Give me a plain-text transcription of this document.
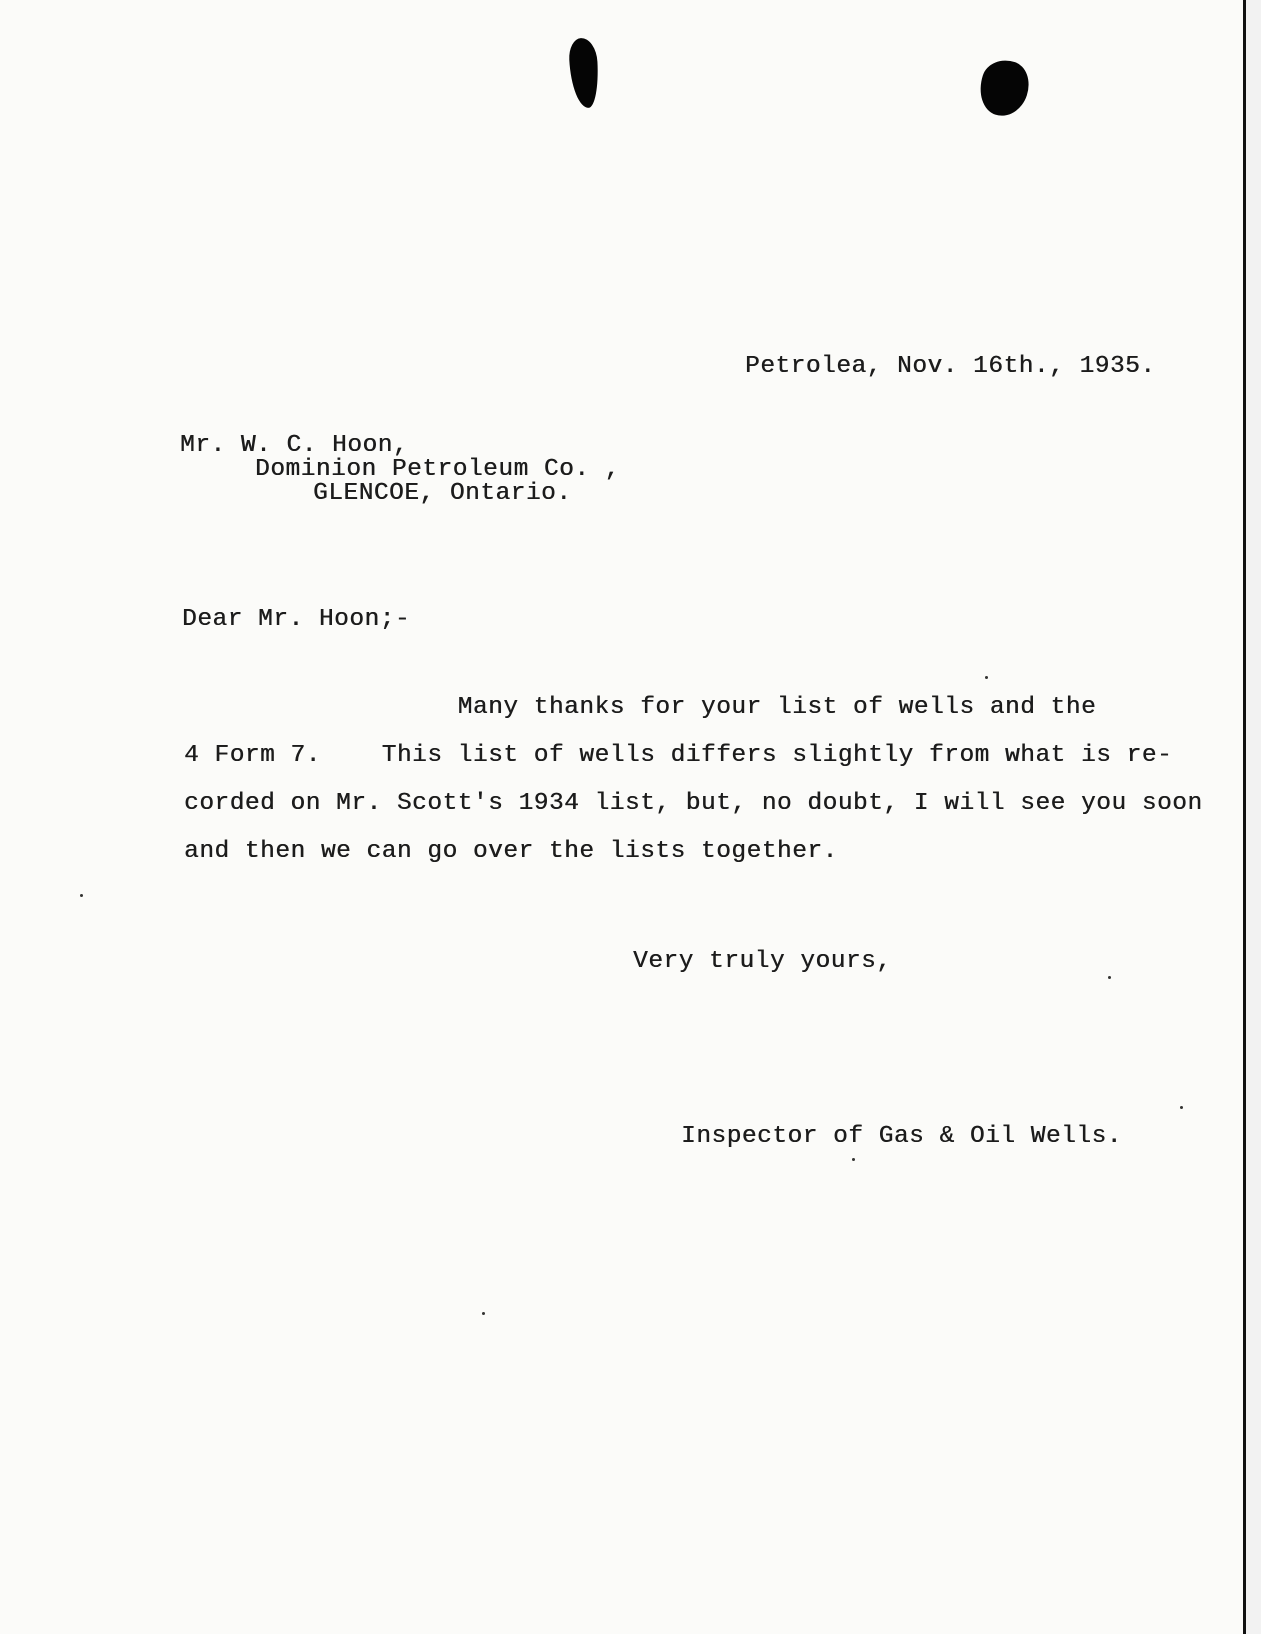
Petrolea, Nov. 16th., 1935.

Mr. W. C. Hoon,

Dominion Petroleum Co. ,

GLENCOE, Ontario.

Dear Mr. Hoon;-

Many thanks for your list of wells and the
4 Form 7.    This list of wells differs slightly from what is re-
corded on Mr. Scott's 1934 list, but, no doubt, I will see you soon
and then we can go over the lists together.

Very truly yours,

Inspector of Gas & Oil Wells.
